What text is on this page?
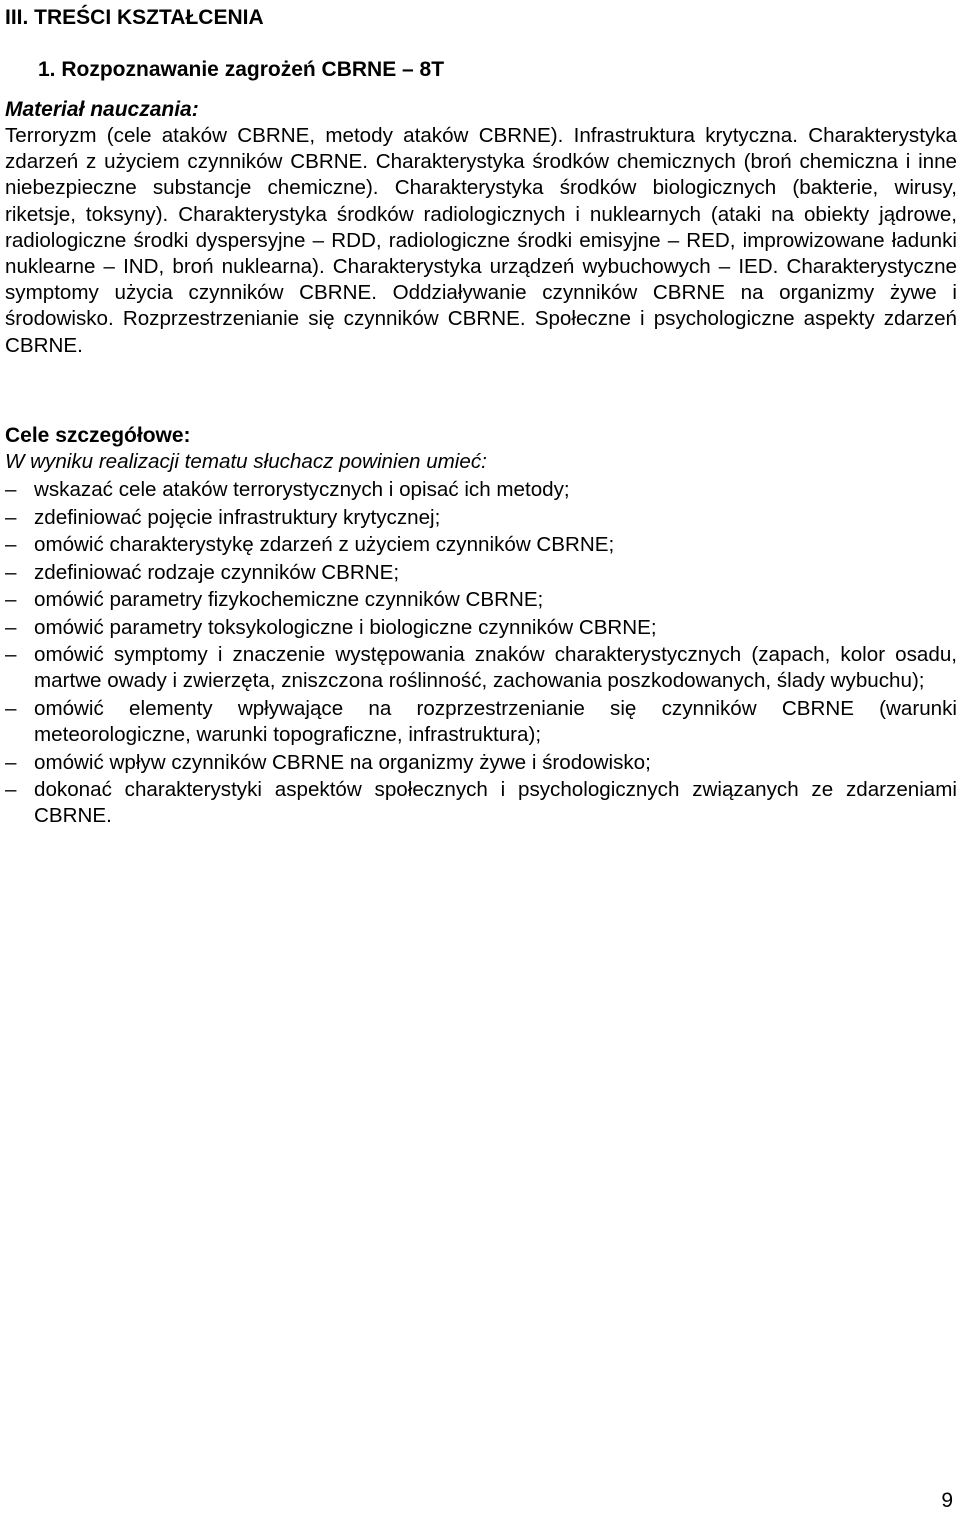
III. TREŚCI KSZTAŁCENIA
1. Rozpoznawanie zagrożeń CBRNE – 8T
Materiał nauczania:

Terroryzm (cele ataków CBRNE, metody ataków CBRNE). Infrastruktura krytyczna. Charakterystyka zdarzeń z użyciem czynników CBRNE. Charakterystyka środków chemicznych (broń chemiczna i inne niebezpieczne substancje chemiczne). Charakterystyka środków biologicznych (bakterie, wirusy, riketsje, toksyny). Charakterystyka środków radiologicznych i nuklearnych (ataki na obiekty jądrowe, radiologiczne środki dyspersyjne – RDD, radiologiczne środki emisyjne – RED, improwizowane ładunki nuklearne – IND, broń nuklearna). Charakterystyka urządzeń wybuchowych – IED. Charakterystyczne symptomy użycia czynników CBRNE. Oddziaływanie czynników CBRNE na organizmy żywe i środowisko. Rozprzestrzenianie się czynników CBRNE. Społeczne i psychologiczne aspekty zdarzeń CBRNE.

Cele szczegółowe:
W wyniku realizacji tematu słuchacz powinien umieć:
– wskazać cele ataków terrorystycznych i opisać ich metody;
– zdefiniować pojęcie infrastruktury krytycznej;
– omówić charakterystykę zdarzeń z użyciem czynników CBRNE;
– zdefiniować rodzaje czynników CBRNE;
– omówić parametry fizykochemiczne czynników CBRNE;
– omówić parametry toksykologiczne i biologiczne czynników CBRNE;
– omówić symptomy i znaczenie występowania znaków charakterystycznych (zapach, kolor osadu, martwe owady i zwierzęta, zniszczona roślinność, zachowania poszkodowanych, ślady wybuchu);
– omówić elementy wpływające na rozprzestrzenianie się czynników CBRNE (warunki meteorologiczne, warunki topograficzne, infrastruktura);
– omówić wpływ czynników CBRNE na organizmy żywe i środowisko;
– dokonać charakterystyki aspektów społecznych i psychologicznych związanych ze zdarzeniami CBRNE.
9
